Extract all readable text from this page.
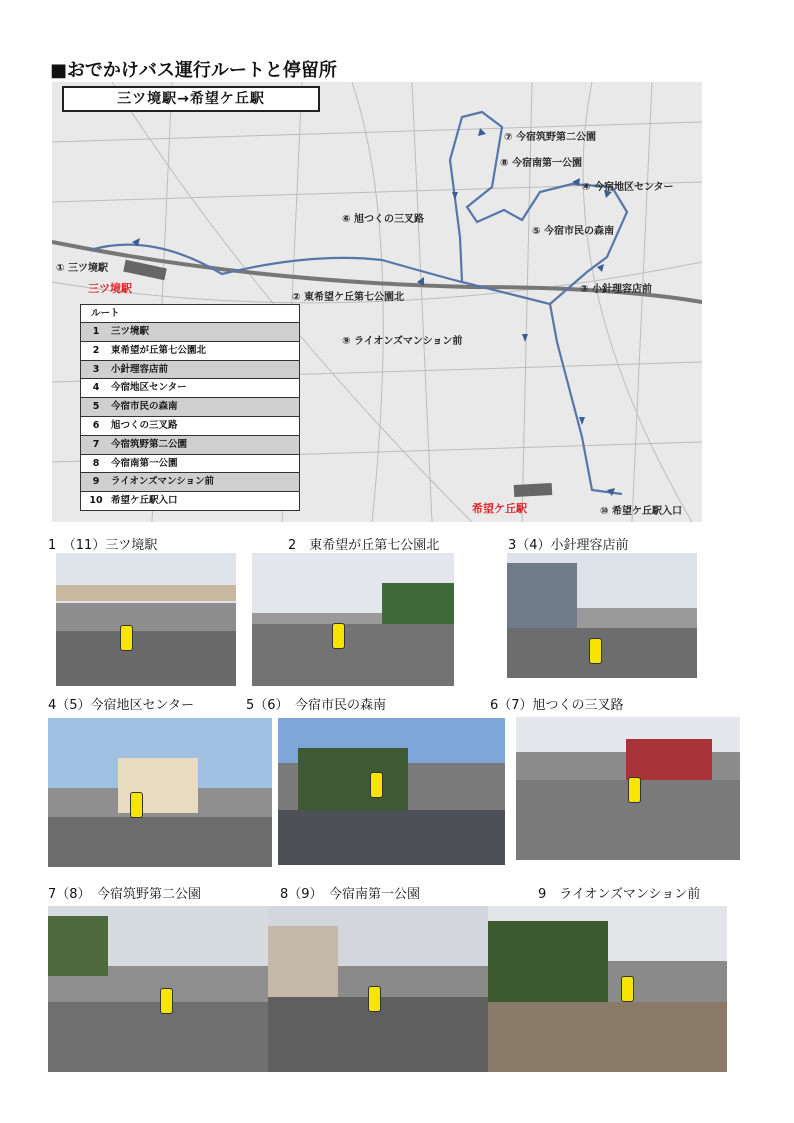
■おでかけバス運行ルートと停留所
三ツ境駅→希望ケ丘駅
① 三ツ境駅
② 東希望ケ丘第七公園北
③ 小針理容店前
④ 今宿地区センター
⑤ 今宿市民の森南
⑥ 旭つくの三叉路
⑦ 今宿筑野第二公園
⑧ 今宿南第一公園
⑨ ライオンズマンション前
⑩ 希望ケ丘駅入口
三ツ境駅
希望ケ丘駅
ルート
1	三ツ境駅
2	東希望が丘第七公園北
3	小針理容店前
4	今宿地区センター
5	今宿市民の森南
6	旭つくの三叉路
7	今宿筑野第二公園
8	今宿南第一公園
9	ライオンズマンション前
10 希望ケ丘駅入口
1　（11）三ツ境駅	2　東希望が丘第七公園北	3（4）小針理容店前
4（5）今宿地区センター	5（6）　今宿市民の森南	6（7）旭つくの三叉路
7（8）　今宿筑野第二公園	8（9）　今宿南第一公園	9　ライオンズマンション前
